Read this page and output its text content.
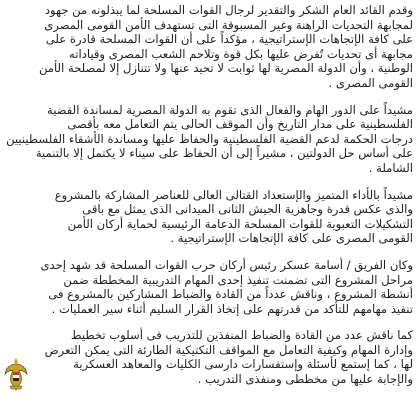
وقدم القائد العام الشكر والتقدير لرجال القوات المسلحة لما يبذلونه من جهود
لمجابهة التحديات الراهنة وغير المسبوقة التى تستهدف الأمن القومى المصرى
على كافة الإتجاهات الإستراتيجية ، مؤكداً على أن القوات المسلحة قادرة على
مجابهة أى تحديات تُفرض عليها بكل قوة وتلاحم الشعب المصرى وقياداته
الوطنية ، وأن الدولة المصرية لها ثوابت لا تحيد عنها ولا تتنازل إلا لمصلحة الأمن
القومى المصرى .

مشيداً على الدور الهام والفعال الذى تقوم به الدولة المصرية لمساندة القضية
الفلسطينية على مدار التاريخ وأن الموقف الحالى يتم التعامل معه بأقصى
درجات الحكمة لدعم القضية الفلسطينية والحفاظ عليها ومساندة الأشقاء الفلسطينيين
على أساس حل الدولتين ، مشيراً إلى أن الحفاظ على سيناء لا يكتمل إلا بالتنمية
الشاملة .

مشيداً بالأداء المتميز والإستعداد القتالى العالى للعناصر المشاركة بالمشروع
والذى عكس قدرة وجاهزية الجيش الثانى الميدانى الذى يمثل مع باقى
التشكيلات التعبوية للقوات المسلحة الدعامة الرئيسية لحماية أركان الأمن
القومى المصرى على كافة الإتجاهات الإستراتيجية .

وكان الفريق / أسامة عسكر رئيس أركان حرب القوات المسلحة قد شهد إحدى
مراحل المشروع التى تضمنت تنفيذ إحدى المهام التدريبية المخططة ضمن
أنشطة المشروع ، وناقش عدداً من القادة والضباط المشاركين بالمشروع فى
تنفيذ مهامهم للتأكد من قدرتهم على إتخاذ القرار السليم أثناء سير العمليات .

كما ناقش عدد من القادة والضباط المنفذين للتدريب فى أسلوب تخطيط
وإدارة المهام وكيفية التعامل مع المواقف التكتيكية الطارئة التى يمكن التعرض
لها ، كما إستمع لأسئلة وإستفسارات دارسى الكليات والمعاهد العسكرية
والإجابة عليها من مخططى ومنفذى التدريب .
